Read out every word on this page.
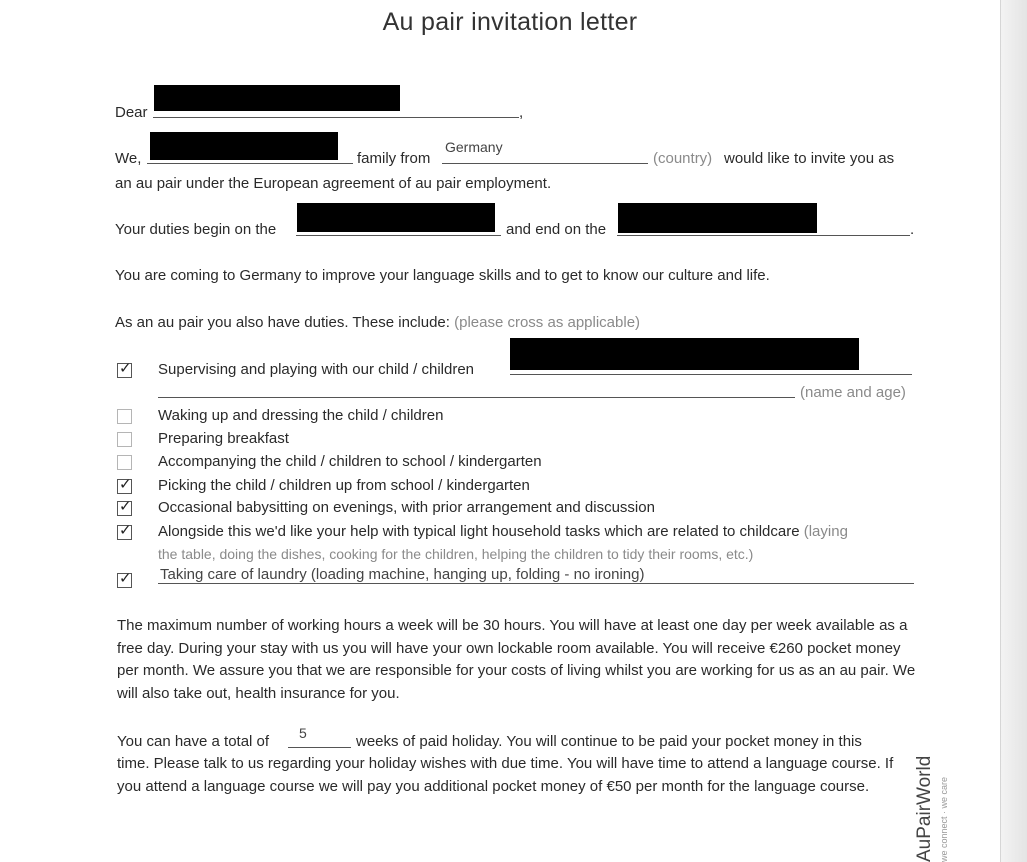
Au pair invitation letter
Dear	,
We,	family from
Germany
(country) would like to invite you as
an au pair under the European agreement of au pair employment.
Your duties begin on the	and end on the	.
You are coming to Germany to improve your language skills and to get to know our culture and life.
As an au pair you also have duties. These include: (please cross as applicable)
✓ Supervising and playing with our child / children
(name and age)
Waking up and dressing the child / children
Preparing breakfast
Accompanying the child / children to school / kindergarten
✓ Picking the child / children up from school / kindergarten
✓ Occasional babysitting on evenings, with prior arrangement and discussion
✓ Alongside this we'd like your help with typical light household tasks which are related to childcare (laying
the table, doing the dishes, cooking for the children, helping the children to tidy their rooms, etc.)
✓ Taking care of laundry (loading machine, hanging up, folding - no ironing)
The maximum number of working hours a week will be 30 hours. You will have at least one day per week available as a free day. During your stay with us you will have your own lockable room available. You will receive €260 pocket money per month. We assure you that we are responsible for your costs of living whilst you are working for us as an au pair. We will also take out, health insurance for you.
You can have a total of 5	weeks of paid holiday. You will continue to be paid your pocket money in this
time. Please talk to us regarding your holiday wishes with due time. You will have time to attend a language course. If you attend a language course we will pay you additional pocket money of €50 per month for the language course.	AuPairWorld we connect · we care
